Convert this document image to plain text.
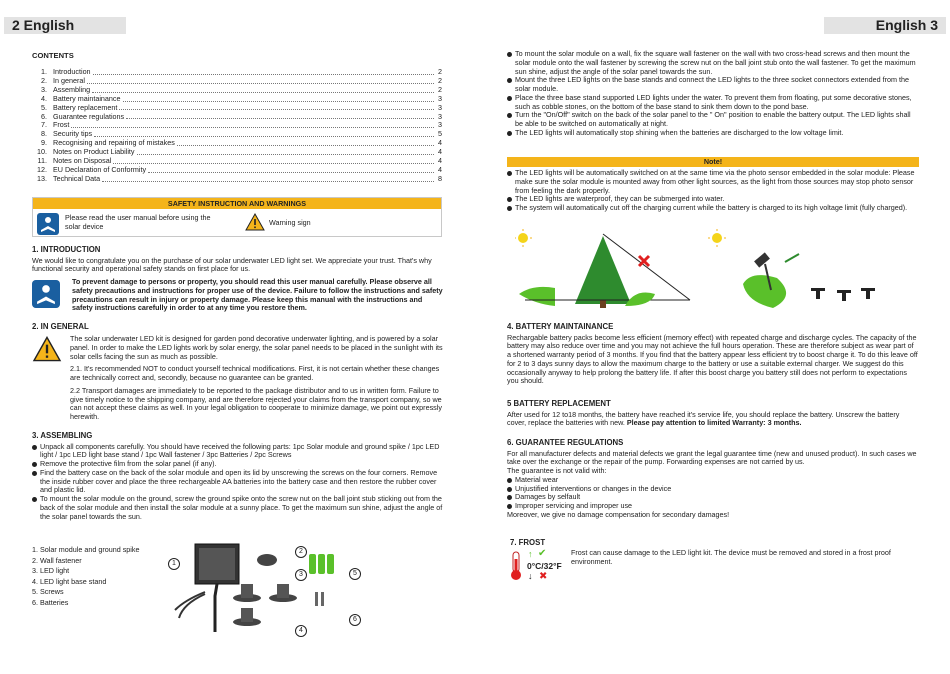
2 English
CONTENTS
1. Introduction	2
2. In general	2
3. Assembling	2
4. Battery maintainance	3
5. Battery replacement	3
6. Guarantee regulations	3
7. Frost	3
8. Security tips	5
9. Recognising and repairing of mistakes	4
10. Notes on Product Liability	4
11. Notes on Disposal	4
12. EU Declaration of Conformity	4
13. Technical Data	8
SAFETY INSTRUCTION AND WARNINGS
Please read the user manual before using the solar device	Warning sign
1. INTRODUCTION
We would like to congratulate you on the purchase of our solar underwater LED light set. We appreciate your trust. That's why functional security and operational safety stands on first place for us.
To prevent damage to persons or property, you should read this user manual carefully. Please observe all safety precautions and instructions for proper use of the device. Failure to follow the instructions and safety precautions can result in injury or property damage. Please keep this manual with the instructions and safety instructions carefully in order to at any time you restore them.
2. IN GENERAL
The solar underwater LED kit is designed for garden pond decorative underwater lighting, and is powered by a solar panel. In order to make the LED lights work by solar energy, the solar panel needs to be placed in the sunlight with its solar cells facing the sun as much as possible.
2.1. It's recommended NOT to conduct yourself technical modifications. First, it is not certain whether these changes are technically correct and, secondly, because no guarantee can be granted.
2.2 Transport damages are immediately to be reported to the package distributor and to us in written form. Failure to give timely notice to the shipping company, and are therefore rejected your claims from the transport company, so we can not accept these claims as well. In your legal obligation to cooperate to minimize damage, we point out expressly herewith.
3. ASSEMBLING
Unpack all components carefully. You should have received the following parts: 1pc Solar module and ground spike / 1pc LED light / 1pc LED light base stand / 1pc Wall fastener / 3pc Batteries / 2pc Screws
Remove the protective film from the solar panel (if any).
Find the battery case on the back of the solar module and open its lid by unscrewing the screws on the four corners. Remove the inside rubber cover and place the three rechargeable AA batteries into the battery case and then restore the rubber cover and plastic lid.
To mount the solar module on the ground, screw the ground spike onto the screw nut on the ball joint stub sticking out from the back of the solar module and then install the solar module at a sunny place. To get the maximum sun shine, adjust the angle of the solar panel towards the sun.
1. Solar module and ground spike
2. Wall fastener
3. LED light
4. LED light base stand
5. Screws
6. Batteries
1
2
3
4
5
6
English 3
To mount the solar module on a wall, fix the square wall fastener on the wall with two cross-head screws and then mount the solar module onto the wall fastener by screwing the screw nut on the ball joint stub onto the wall fastener. To get the maximum sun shine, adjust the angle of the solar panel towards the sun.
Mount the three LED lights on the base stands and connect the LED lights to the three socket connectors extended from the solar module.
Place the three base stand supported LED lights under the water. To prevent them from floating, put some decorative stones, such as cobble stones, on the bottom of the base stand to sink them down to the pond base.
Turn the "On/Off" switch on the back of the solar panel to the " On" position to enable the battery output. The LED lights shall be able to be switched on automatically at night.
The LED lights will automatically stop shining when the batteries are discharged to the low voltage limit.
Note!
The LED lights will be automatically switched on at the same time via the photo sensor embedded in the solar module: Please make sure the solar module is mounted away from other light sources, as the light from those sources may stop photo sensor from feeling the dark properly.
The LED lights are waterproof, they can be submerged into water.
The system will automatically cut off the charging current while the battery is charged to its high voltage limit (fully charged).
4. BATTERY MAINTAINANCE
Rechargable battery packs become less efficient (memory effect) with repeated charge and discharge cycles. The capacity of the battery may also reduce over time and you may not achieve the full hours operation. These are therefore subject as wear part of a shortened warranty period of 3 months. If you find that the battery appear less efficient try to boost charge it. To do this leave off for 2 to 3 days sunny days to allow the maximum charge to the battery or use a suitable external charger. We suggest do this occasionally anyway to help prolong the battery life. If after this boost charge you battery still does not perform to expectations you should.
5 BATTERY REPLACEMENT
After used for 12 to18 months, the battery have reached it's service life, you should replace the battery. Unscrew the battery cover, replace the batteries with new. Please pay attention to limited Warranty: 3 months.
6. GUARANTEE REGULATIONS
For all manufacturer defects and material defects we grant the legal guarantee time (new and unused product). In such cases we take over the exchange or the repair of the pump. Forwarding expenses are not carried by us.
The guarantee is not valid with:
Material wear
Unjustified interventions or changes in the device
Damages by selfault
Improper servicing and improper use
Moreover, we give no damage compensation for secondary damages!
7. FROST
↑ ✔
0°C/32°F
↓ ✖
Frost can cause damage to the LED light kit. The device must be removed and stored in a frost proof environment.
